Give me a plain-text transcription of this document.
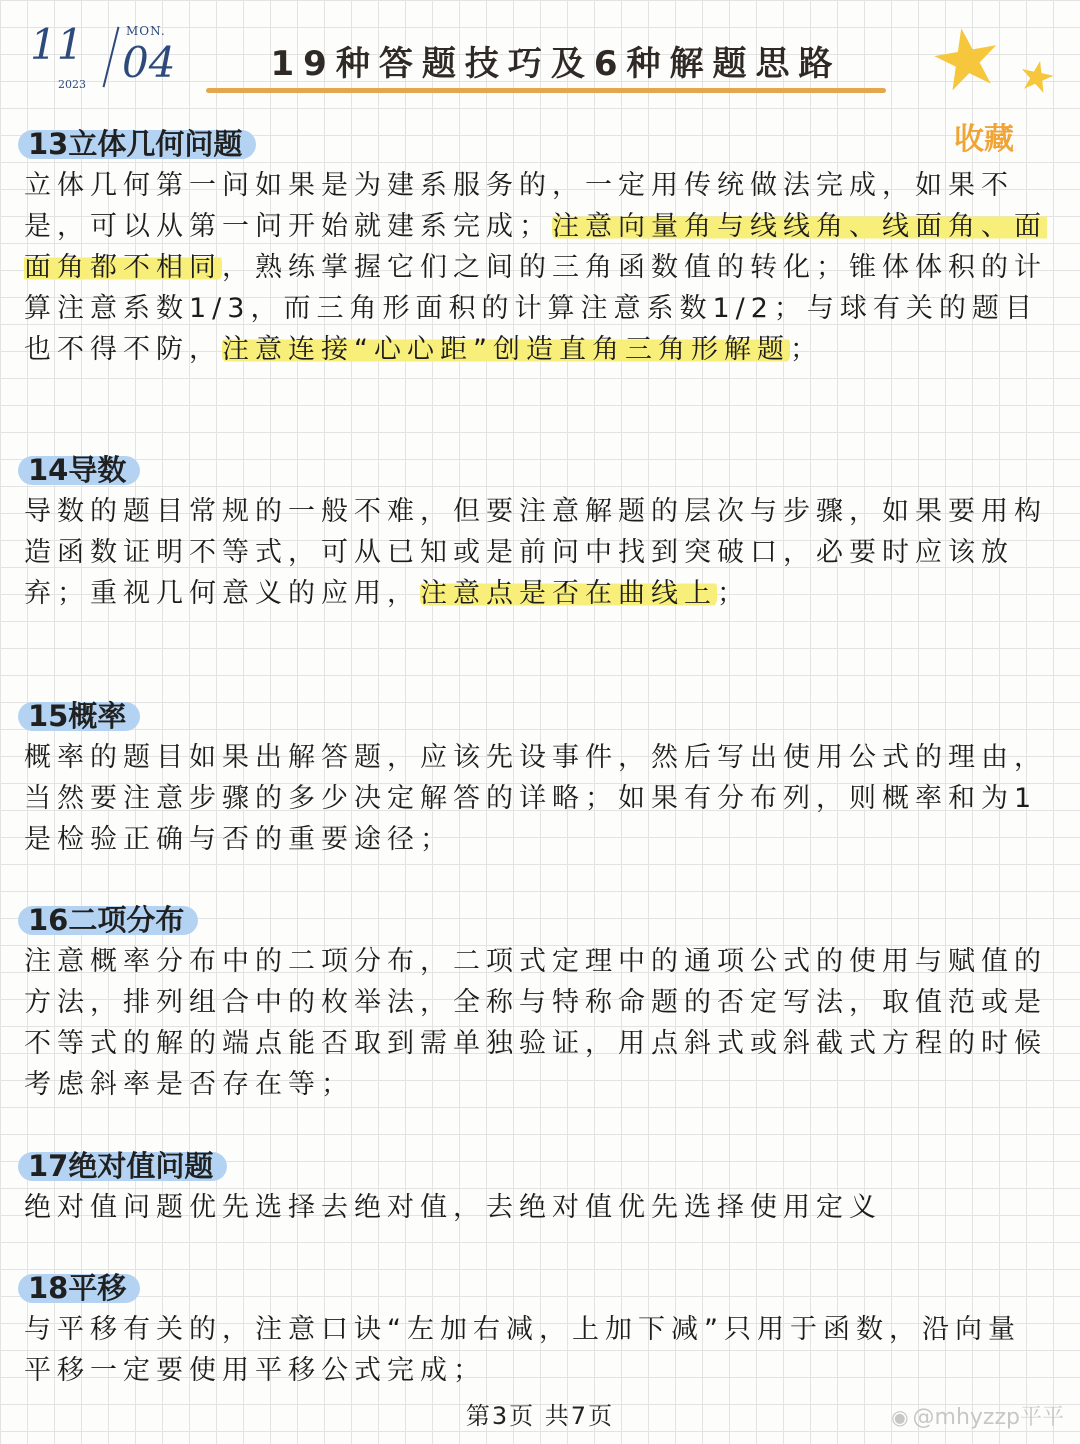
11
2023
MON.
04	19种答题技巧及6种解题思路 ★ ★
收藏
13立体几何问题
立体几何第一问如果是为建系服务的，一定用传统做法完成，如果不是，可以从第一问开始就建系完成；注意向量角与线线角、线面角、面面角都不相同，熟练掌握它们之间的三角函数值的转化；锥体体积的计算注意系数1/3，而三角形面积的计算注意系数1/2；与球有关的题目也不得不防，注意连接“心心距”创造直角三角形解题；
14导数
导数的题目常规的一般不难，但要注意解题的层次与步骤，如果要用构造函数证明不等式，可从已知或是前问中找到突破口，必要时应该放弃；重视几何意义的应用，注意点是否在曲线上；
15概率
概率的题目如果出解答题，应该先设事件，然后写出使用公式的理由，当然要注意步骤的多少决定解答的详略；如果有分布列，则概率和为1是检验正确与否的重要途径；
16二项分布
注意概率分布中的二项分布，二项式定理中的通项公式的使用与赋值的方法，排列组合中的枚举法，全称与特称命题的否定写法，取值范或是不等式的解的端点能否取到需单独验证，用点斜式或斜截式方程的时候考虑斜率是否存在等；
17绝对值问题
绝对值问题优先选择去绝对值，去绝对值优先选择使用定义
18平移
与平移有关的，注意口诀“左加右减，上加下减”只用于函数，沿向量平移一定要使用平移公式完成；
第3页 共7页	◉ @mhyzzp平平
